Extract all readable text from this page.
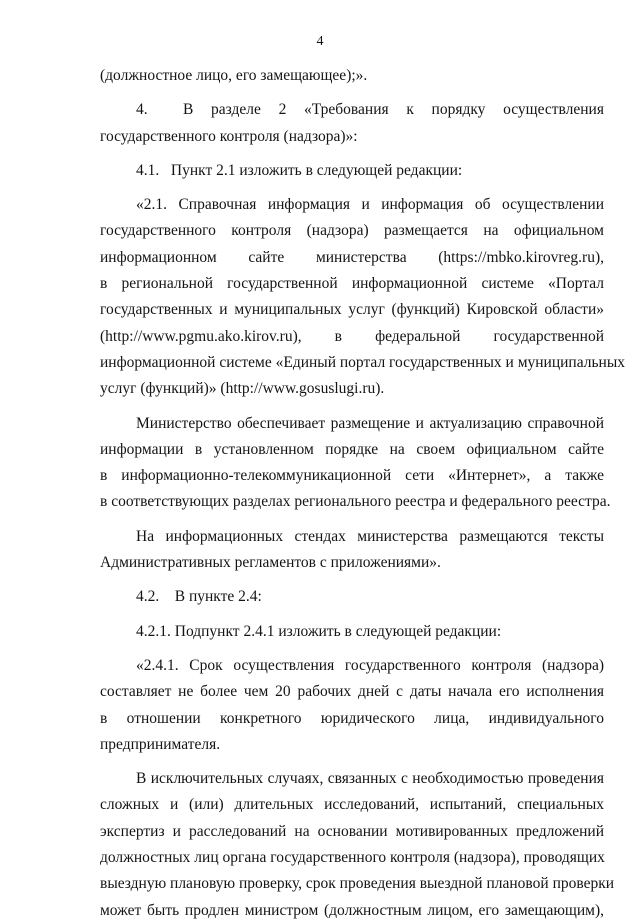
4
(должностное лицо, его замещающее);».
4.    В  разделе  2  «Требования  к  порядку  осуществления
государственного контроля (надзора)»:
4.1.   Пункт 2.1 изложить в следующей редакции:
«2.1. Справочная информация и информация об осуществлении
государственного контроля (надзора) размещается на официальном
информационном сайте министерства (https://mbko.kirovreg.ru),
в региональной государственной информационной системе «Портал
государственных и муниципальных услуг (функций) Кировской области»
(http://www.pgmu.ako.kirov.ru), в федеральной государственной
информационной системе «Единый портал государственных и муниципальных
услуг (функций)» (http://www.gosuslugi.ru).
Министерство обеспечивает размещение и актуализацию справочной
информации в установленном порядке на своем официальном сайте
в информационно-телекоммуникационной сети «Интернет», а также
в соответствующих разделах регионального реестра и федерального реестра.
На информационных стендах министерства размещаются тексты
Административных регламентов с приложениями».
4.2.    В пункте 2.4:
4.2.1. Подпункт 2.4.1 изложить в следующей редакции:
«2.4.1. Срок осуществления государственного контроля (надзора)
составляет не более чем 20 рабочих дней с даты начала его исполнения
в отношении конкретного юридического лица, индивидуального
предпринимателя.
В исключительных случаях, связанных с необходимостью проведения
сложных и (или) длительных исследований, испытаний, специальных
экспертиз и расследований на основании мотивированных предложений
должностных лиц органа государственного контроля (надзора), проводящих
выездную плановую проверку, срок проведения выездной плановой проверки
может быть продлен министром (должностным лицом, его замещающим),
